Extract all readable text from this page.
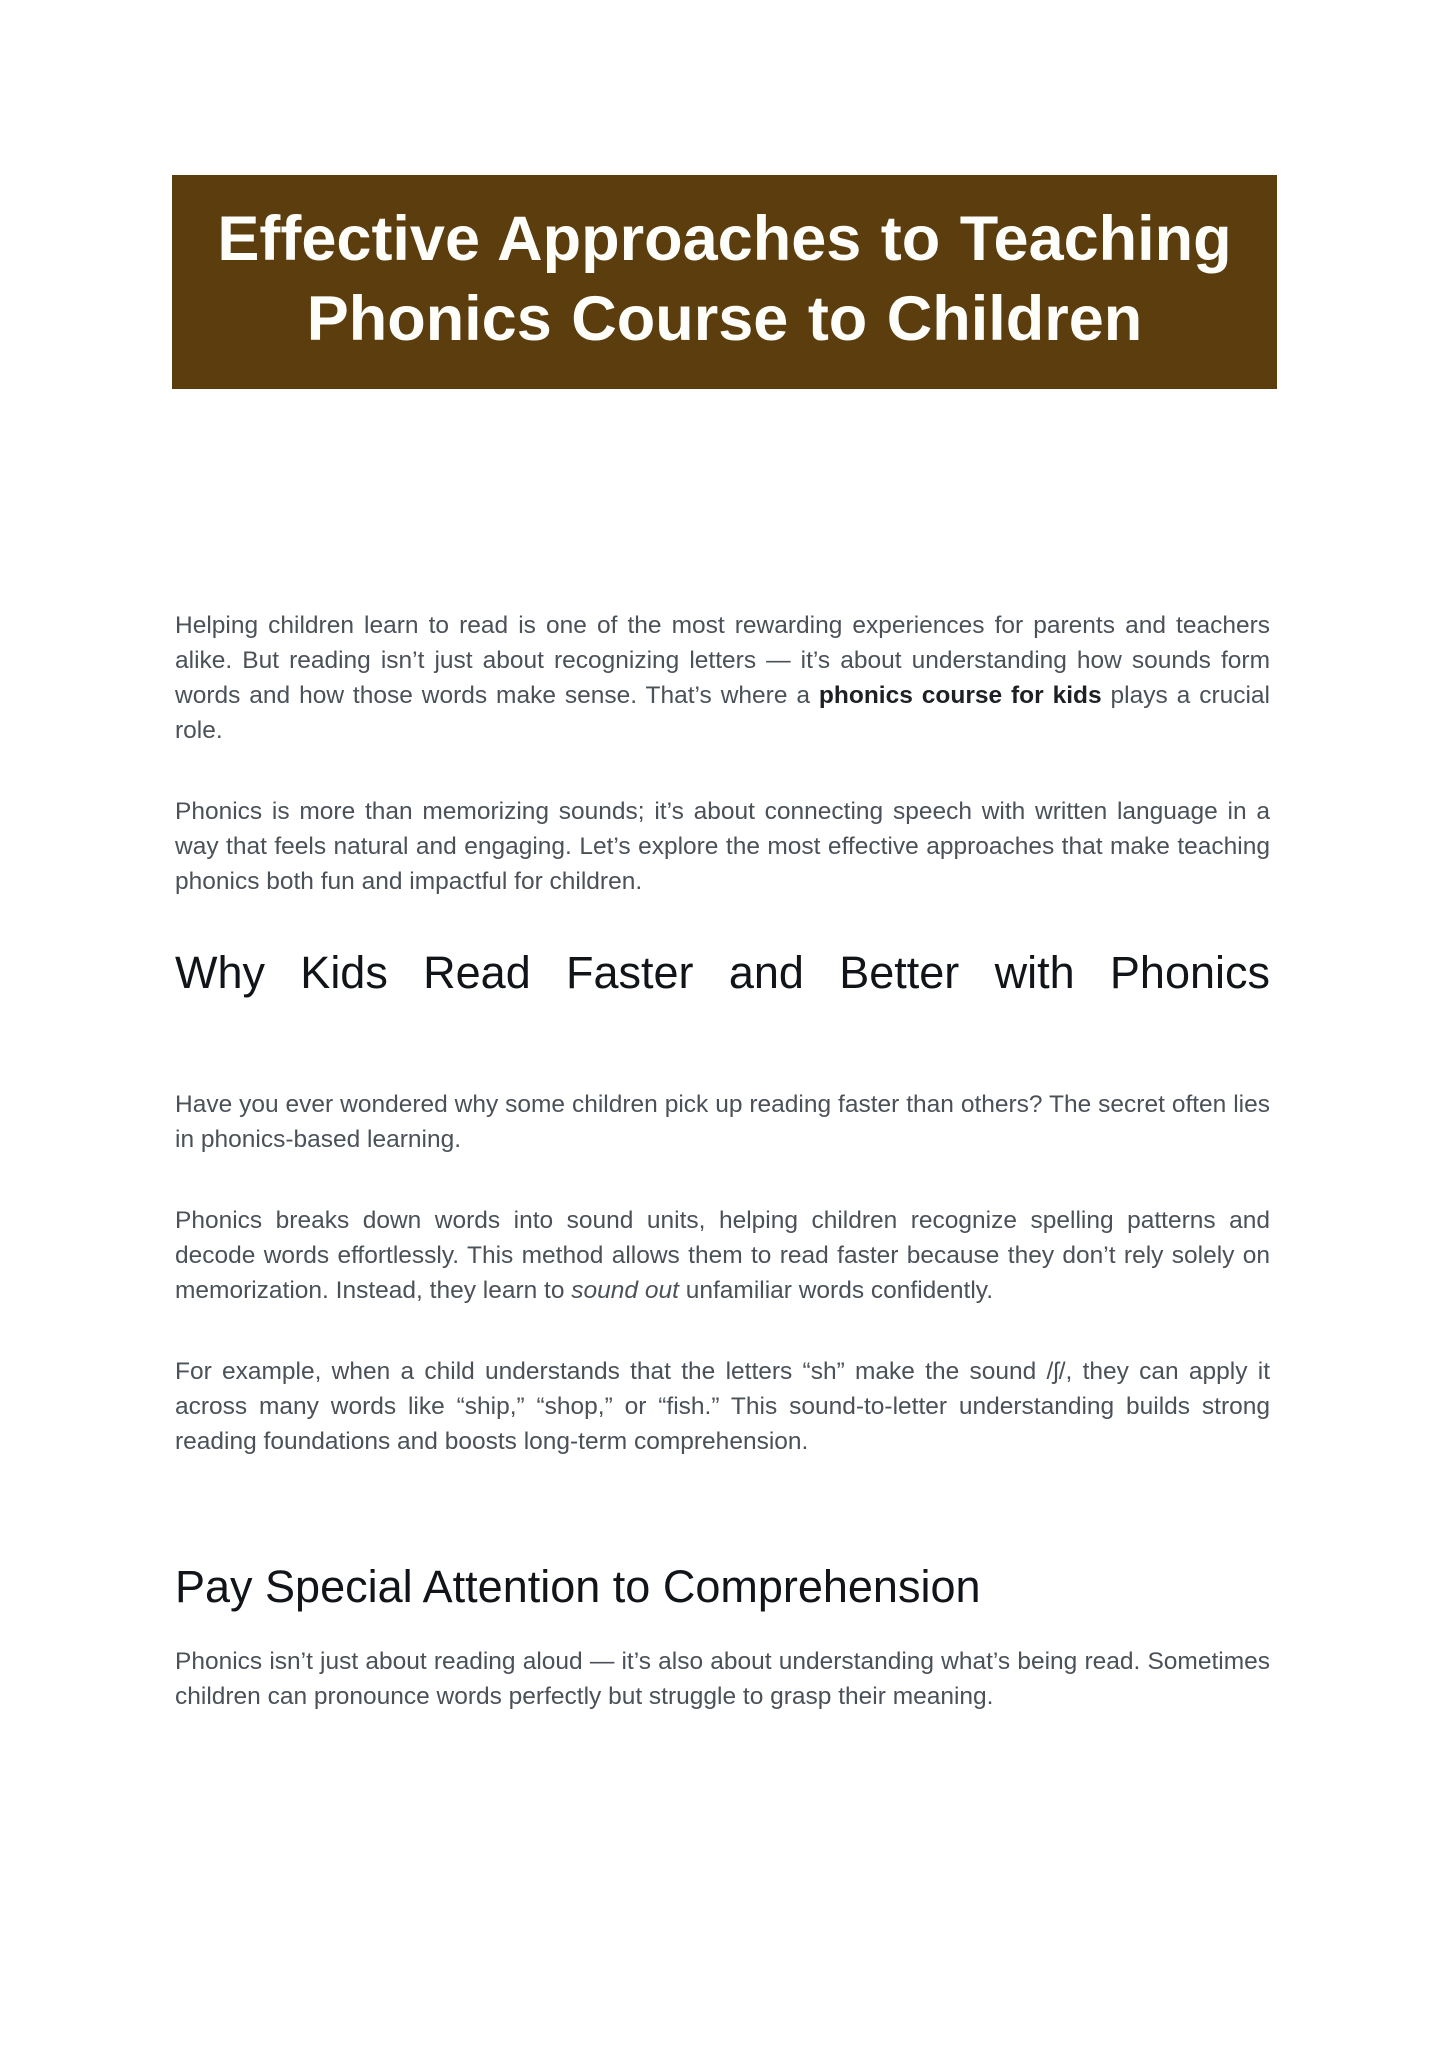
Effective Approaches to Teaching Phonics Course to Children

Helping children learn to read is one of the most rewarding experiences for parents and teachers alike. But reading isn’t just about recognizing letters — it’s about understanding how sounds form words and how those words make sense. That’s where a phonics course for kids plays a crucial role.

Phonics is more than memorizing sounds; it’s about connecting speech with written language in a way that feels natural and engaging. Let’s explore the most effective approaches that make teaching phonics both fun and impactful for children.

Why Kids Read Faster and Better with Phonics

Have you ever wondered why some children pick up reading faster than others? The secret often lies in phonics-based learning.

Phonics breaks down words into sound units, helping children recognize spelling patterns and decode words effortlessly. This method allows them to read faster because they don’t rely solely on memorization. Instead, they learn to sound out unfamiliar words confidently.

For example, when a child understands that the letters “sh” make the sound /ʃ/, they can apply it across many words like “ship,” “shop,” or “fish.” This sound-to-letter understanding builds strong reading foundations and boosts long-term comprehension.

Pay Special Attention to Comprehension

Phonics isn’t just about reading aloud — it’s also about understanding what’s being read. Sometimes children can pronounce words perfectly but struggle to grasp their meaning.
